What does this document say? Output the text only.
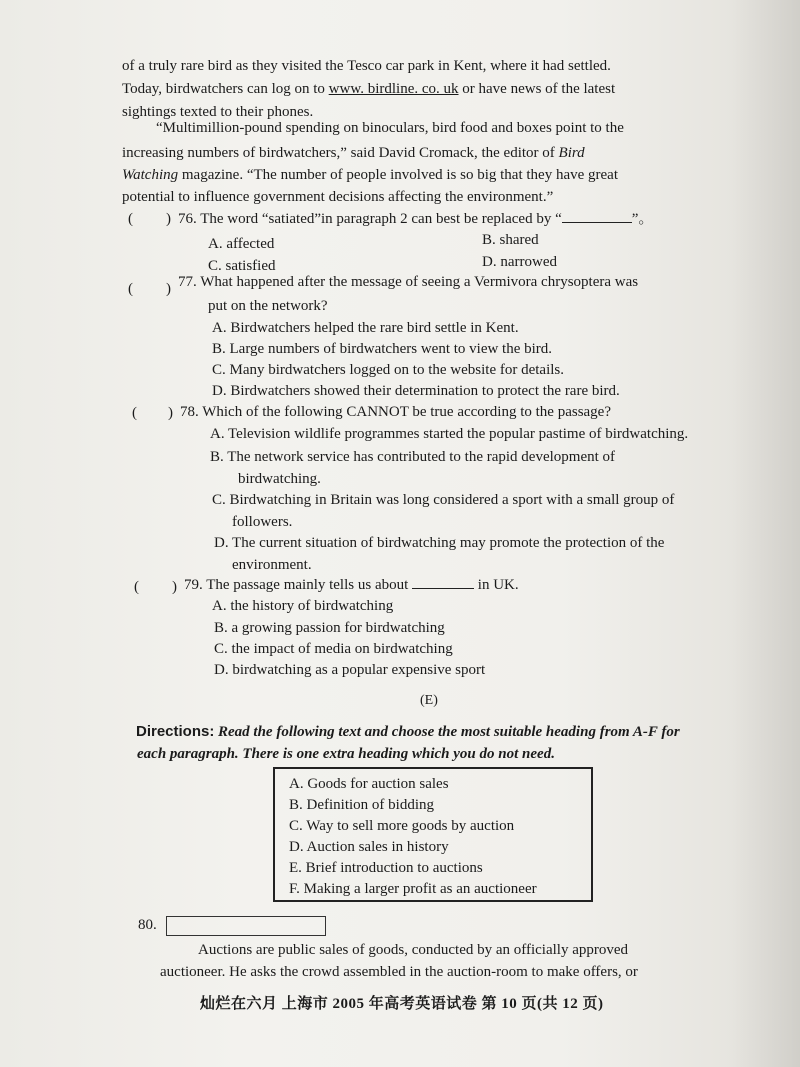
of a truly rare bird as they visited the Tesco car park in Kent, where it had settled.
Today, birdwatchers can log on to www. birdline. co. uk or have news of the latest
sightings texted to their phones.
“Multimillion-pound spending on binoculars, bird food and boxes point to the
increasing numbers of birdwatchers,” said David Cromack, the editor of Bird
Watching magazine. “The number of people involved is so big that they have great
potential to influence government decisions affecting the environment.”
( ) 76. The word “satiated”in paragraph 2 can best be replaced by “	”。
A. affected	B. shared
C. satisfied	D. narrowed
( ) 77. What happened after the message of seeing a Vermivora chrysoptera was
put on the network?
A. Birdwatchers helped the rare bird settle in Kent.
B. Large numbers of birdwatchers went to view the bird.
C. Many birdwatchers logged on to the website for details.
D. Birdwatchers showed their determination to protect the rare bird.
( ) 78. Which of the following CANNOT be true according to the passage?
A. Television wildlife programmes started the popular pastime of birdwatching.
B. The network service has contributed to the rapid development of
birdwatching.
C. Birdwatching in Britain was long considered a sport with a small group of
followers.
D. The current situation of birdwatching may promote the protection of the
environment.
( ) 79. The passage mainly tells us about	in UK.
A. the history of birdwatching
B. a growing passion for birdwatching
C. the impact of media on birdwatching
D. birdwatching as a popular expensive sport
(E)
Directions: Read the following text and choose the most suitable heading from A-F for
each paragraph. There is one extra heading which you do not need.
A. Goods for auction sales
B. Definition of bidding
C. Way to sell more goods by auction
D. Auction sales in history
E. Brief introduction to auctions
F. Making a larger profit as an auctioneer
80.
Auctions are public sales of goods, conducted by an officially approved
auctioneer. He asks the crowd assembled in the auction-room to make offers, or
灿烂在六月 上海市 2005 年高考英语试卷 第 10 页(共 12 页)
